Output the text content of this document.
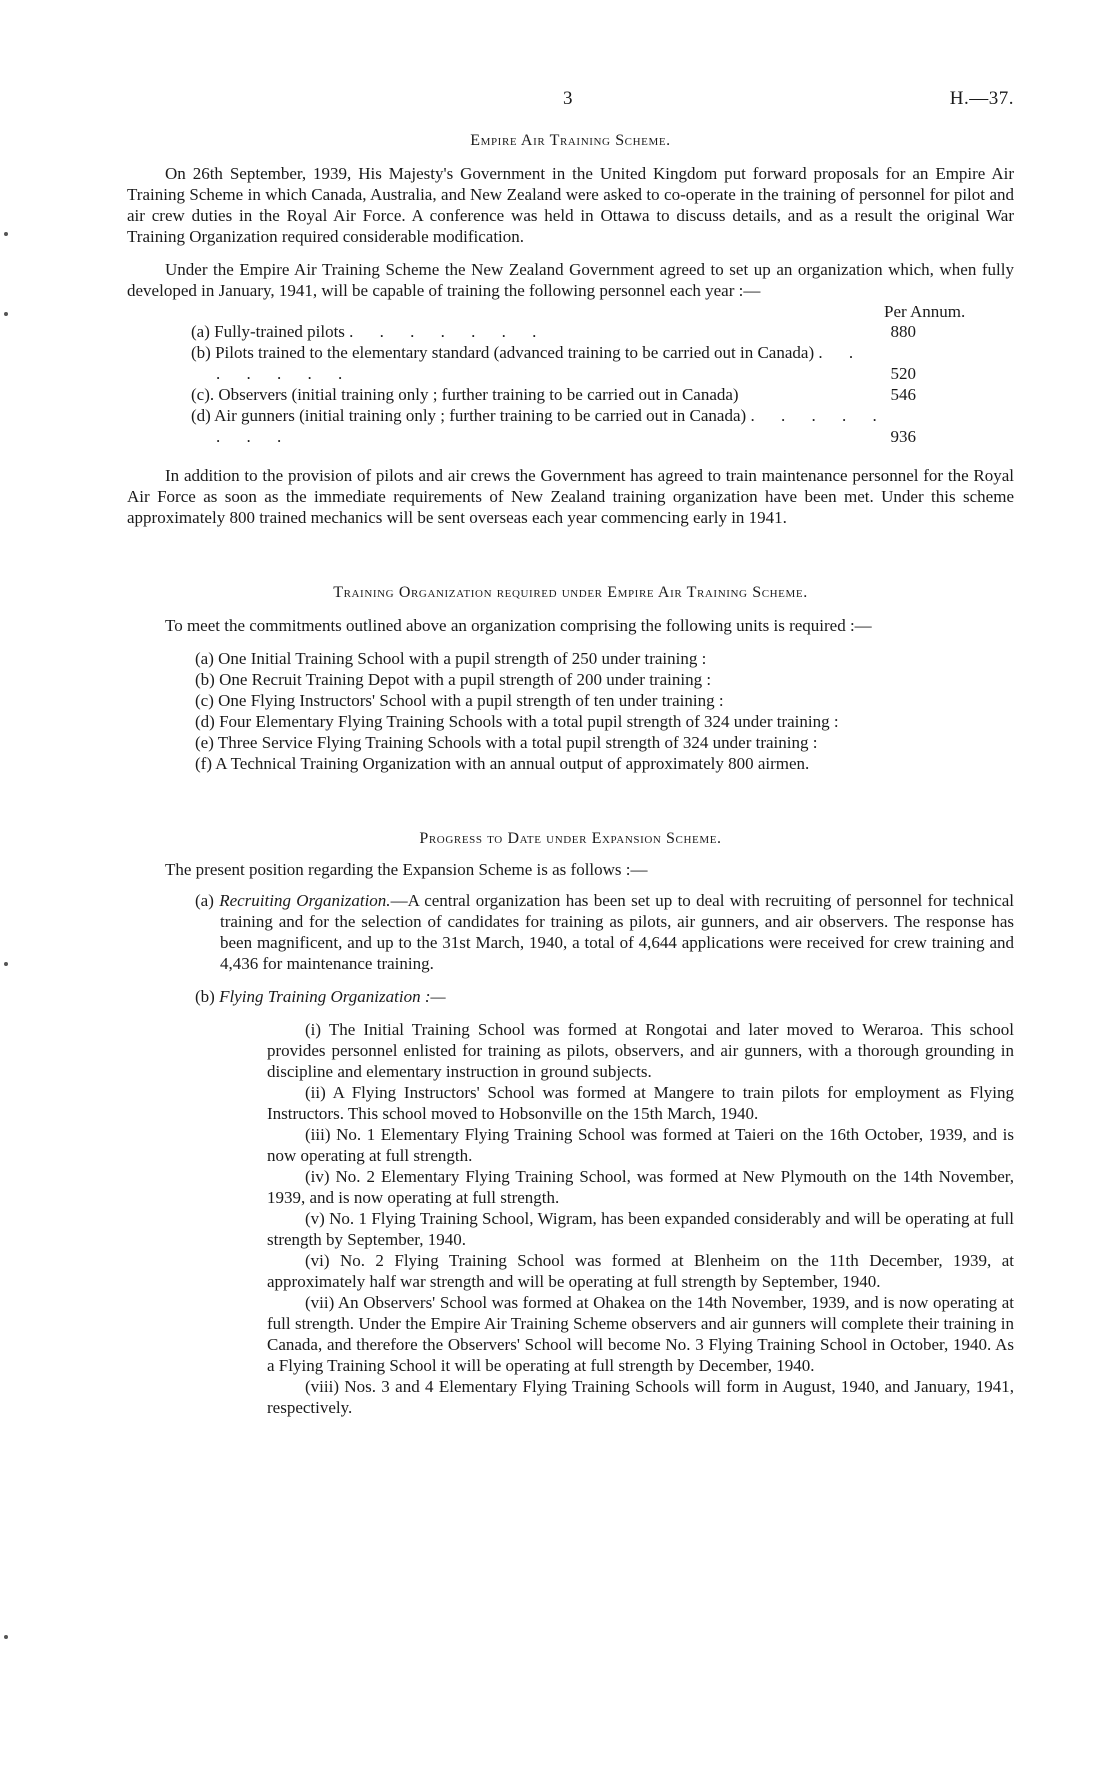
3	H.—37.
Empire Air Training Scheme.

On 26th September, 1939, His Majesty's Government in the United Kingdom put forward proposals for an Empire Air Training Scheme in which Canada, Australia, and New Zealand were asked to co-operate in the training of personnel for pilot and air crew duties in the Royal Air Force. A conference was held in Ottawa to discuss details, and as a result the original War Training Organization required considerable modification.

Under the Empire Air Training Scheme the New Zealand Government agreed to set up an organization which, when fully developed in January, 1941, will be capable of training the following personnel each year :—

Per Annum.
(a) Fully-trained pilots . . . . . . .	880
(b) Pilots trained to the elementary standard (advanced training to be carried out in Canada) . . . . . . .	520
(c). Observers (initial training only ; further training to be carried out in Canada)	546
(d) Air gunners (initial training only ; further training to be carried out in Canada) . . . . . . . .	936

In addition to the provision of pilots and air crews the Government has agreed to train maintenance personnel for the Royal Air Force as soon as the immediate requirements of New Zealand training organization have been met. Under this scheme approximately 800 trained mechanics will be sent overseas each year commencing early in 1941.

Training Organization required under Empire Air Training Scheme.

To meet the commitments outlined above an organization comprising the following units is required :—

(a) One Initial Training School with a pupil strength of 250 under training :
(b) One Recruit Training Depot with a pupil strength of 200 under training :
(c) One Flying Instructors' School with a pupil strength of ten under training :
(d) Four Elementary Flying Training Schools with a total pupil strength of 324 under training :
(e) Three Service Flying Training Schools with a total pupil strength of 324 under training :
(f) A Technical Training Organization with an annual output of approximately 800 airmen.
Progress to Date under Expansion Scheme.

The present position regarding the Expansion Scheme is as follows :—

(a) Recruiting Organization.—A central organization has been set up to deal with recruiting of personnel for technical training and for the selection of candidates for training as pilots, air gunners, and air observers. The response has been magnificent, and up to the 31st March, 1940, a total of 4,644 applications were received for crew training and 4,436 for maintenance training.

(b) Flying Training Organization :—

(i) The Initial Training School was formed at Rongotai and later moved to Weraroa. This school provides personnel enlisted for training as pilots, observers, and air gunners, with a thorough grounding in discipline and elementary instruction in ground subjects.

(ii) A Flying Instructors' School was formed at Mangere to train pilots for employment as Flying Instructors. This school moved to Hobsonville on the 15th March, 1940.

(iii) No. 1 Elementary Flying Training School was formed at Taieri on the 16th October, 1939, and is now operating at full strength.

(iv) No. 2 Elementary Flying Training School, was formed at New Plymouth on the 14th November, 1939, and is now operating at full strength.

(v) No. 1 Flying Training School, Wigram, has been expanded considerably and will be operating at full strength by September, 1940.

(vi) No. 2 Flying Training School was formed at Blenheim on the 11th December, 1939, at approximately half war strength and will be operating at full strength by September, 1940.

(vii) An Observers' School was formed at Ohakea on the 14th November, 1939, and is now operating at full strength. Under the Empire Air Training Scheme observers and air gunners will complete their training in Canada, and therefore the Observers' School will become No. 3 Flying Training School in October, 1940. As a Flying Training School it will be operating at full strength by December, 1940.

(viii) Nos. 3 and 4 Elementary Flying Training Schools will form in August, 1940, and January, 1941, respectively.
